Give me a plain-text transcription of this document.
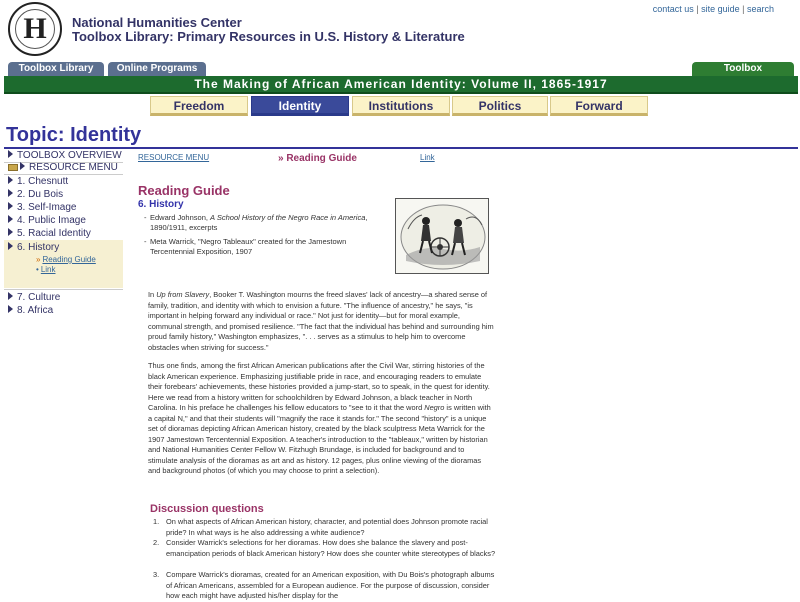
H	National Humanities Center
Toolbox Library: Primary Resources in U.S. History & Literature
contact us | site guide | search
Toolbox Library	Online Programs	Toolbox
The Making of African American Identity: Volume II, 1865-1917
Freedom	Identity	Institutions	Politics	Forward
Topic: Identity
TOOLBOX OVERVIEW
RESOURCE MENU
1. Chesnutt
2. Du Bois
3. Self-Image
4. Public Image
5. Racial Identity
6. History
» Reading Guide
• Link
7. Culture
8. Africa
RESOURCE MENU	» Reading Guide	Link
Reading Guide
6. History
- Edward Johnson, A School History of the Negro Race in America, 1890/1911, excerpts
- Meta Warrick, "Negro Tableaux" created for the Jamestown Tercentennial Exposition, 1907
In Up from Slavery, Booker T. Washington mourns the freed slaves' lack of ancestry—a shared sense of family, tradition, and identity with which to envision a future. "The influence of ancestry," he says, "is important in helping forward any individual or race." Not just for identity—but for moral example, communal strength, and promised resilience. "The fact that the individual has behind and surrounding him proud family history," Washington emphasizes, ". . . serves as a stimulus to help him to overcome obstacles when striving for success."
Thus one finds, among the first African American publications after the Civil War, stirring histories of the black American experience. Emphasizing justifiable pride in race, and encouraging readers to emulate their forebears' achievements, these histories provided a jump-start, so to speak, in the quest for identity. Here we read from a history written for schoolchildren by Edward Johnson, a black teacher in North Carolina. In his preface he challenges his fellow educators to "see to it that the word Negro is written with a capital N," and that their students will "magnify the race it stands for." The second "history" is a unique set of dioramas depicting African American history, created by the black sculptress Meta Warrick for the 1907 Jamestown Tercentennial Exposition. A teacher's introduction to the "tableaux," written by historian and National Humanities Center Fellow W. Fitzhugh Brundage, is included for background and to stimulate analysis of the dioramas as art and as history. 12 pages, plus online viewing of the dioramas and background photos (of which you may choose to print a selection).
Discussion questions
1. On what aspects of African American history, character, and potential does Johnson promote racial pride? In what ways is he also addressing a white audience?
2. Consider Warrick's selections for her dioramas. How does she balance the slavery and post-emancipation periods of black American history? How does she counter white stereotypes of blacks?
3. Compare Warrick's dioramas, created for an American exposition, with Du Bois's photograph albums of African Americans, assembled for a European audience. For the purpose of discussion, consider how each might have adjusted his/her display for the
